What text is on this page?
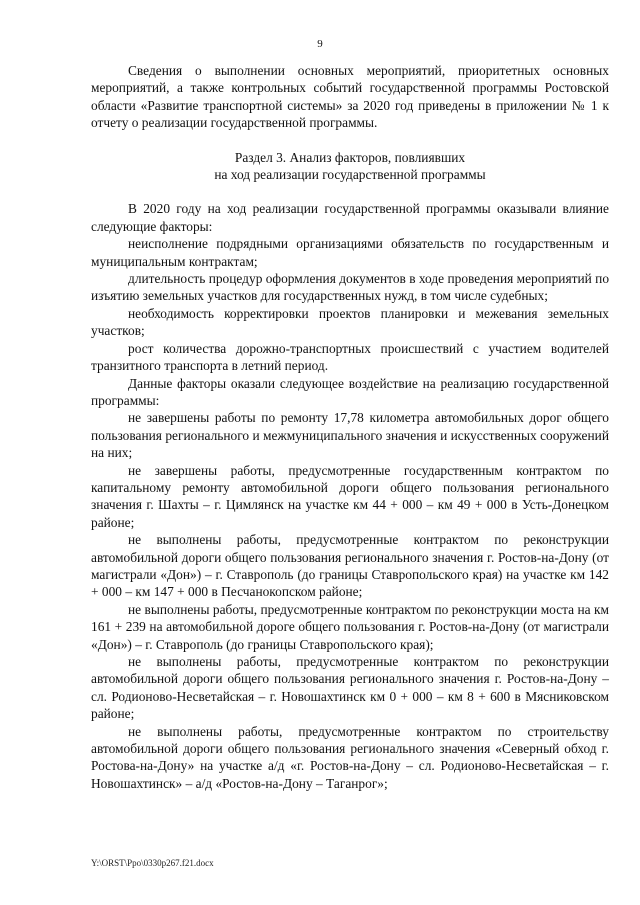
9

Сведения о выполнении основных мероприятий, приоритетных основных мероприятий, а также контрольных событий государственной программы Ростовской области «Развитие транспортной системы» за 2020 год приведены в приложении № 1 к отчету о реализации государственной программы.

Раздел 3. Анализ факторов, повлиявших

на ход реализации государственной программы

В 2020 году на ход реализации государственной программы оказывали влияние следующие факторы:

неисполнение подрядными организациями обязательств по государственным и муниципальным контрактам;

длительность процедур оформления документов в ходе проведения мероприятий по изъятию земельных участков для государственных нужд, в том числе судебных;

необходимость корректировки проектов планировки и межевания земельных участков;

рост количества дорожно-транспортных происшествий с участием водителей транзитного транспорта в летний период.

Данные факторы оказали следующее воздействие на реализацию государственной программы:

не завершены работы по ремонту 17,78 километра автомобильных дорог общего пользования регионального и межмуниципального значения и искусственных сооружений на них;

не завершены работы, предусмотренные государственным контрактом по капитальному ремонту автомобильной дороги общего пользования регионального значения г. Шахты – г. Цимлянск на участке км 44 + 000 – км 49 + 000 в Усть-Донецком районе;

не выполнены работы, предусмотренные контрактом по реконструкции автомобильной дороги общего пользования регионального значения г. Ростов-на-Дону (от магистрали «Дон») – г. Ставрополь (до границы Ставропольского края) на участке км 142 + 000 – км 147 + 000 в Песчанокопском районе;

не выполнены работы, предусмотренные контрактом по реконструкции моста на км 161 + 239 на автомобильной дороге общего пользования г. Ростов-на-Дону (от магистрали «Дон») – г. Ставрополь (до границы Ставропольского края);

не выполнены работы, предусмотренные контрактом по реконструкции автомобильной дороги общего пользования регионального значения г. Ростов-на-Дону – сл. Родионово-Несветайская – г. Новошахтинск км 0 + 000 – км 8 + 600 в Мясниковском районе;

не выполнены работы, предусмотренные контрактом по строительству автомобильной дороги общего пользования регионального значения «Северный обход г. Ростова-на-Дону» на участке а/д «г. Ростов-на-Дону – сл. Родионово-Несветайская – г. Новошахтинск» – а/д «Ростов-на-Дону – Таганрог»;

Y:\ORST\Ppo\0330p267.f21.docx
